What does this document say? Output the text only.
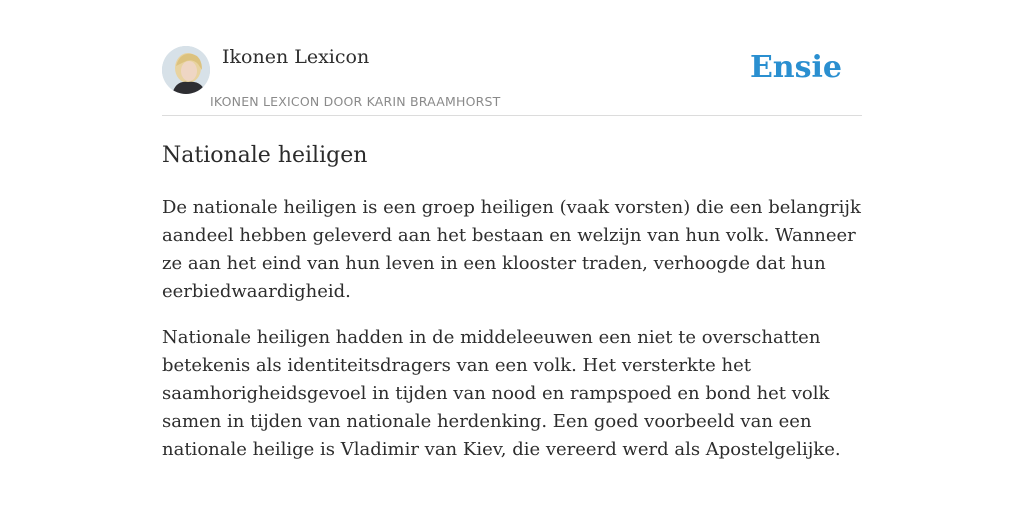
Ikonen Lexicon
IKONEN LEXICON DOOR KARIN BRAAMHORST
Ensie
Nationale heiligen

De nationale heiligen is een groep heiligen (vaak vorsten) die een belangrijk aandeel hebben geleverd aan het bestaan en welzijn van hun volk. Wanneer ze aan het eind van hun leven in een klooster traden, verhoogde dat hun eerbiedwaardigheid.

Nationale heiligen hadden in de middeleeuwen een niet te overschatten betekenis als identiteitsdragers van een volk. Het versterkte het saamhorigheidsgevoel in tijden van nood en rampspoed en bond het volk samen in tijden van nationale herdenking. Een goed voorbeeld van een nationale heilige is Vladimir van Kiev, die vereerd werd als Apostelgelijke.
